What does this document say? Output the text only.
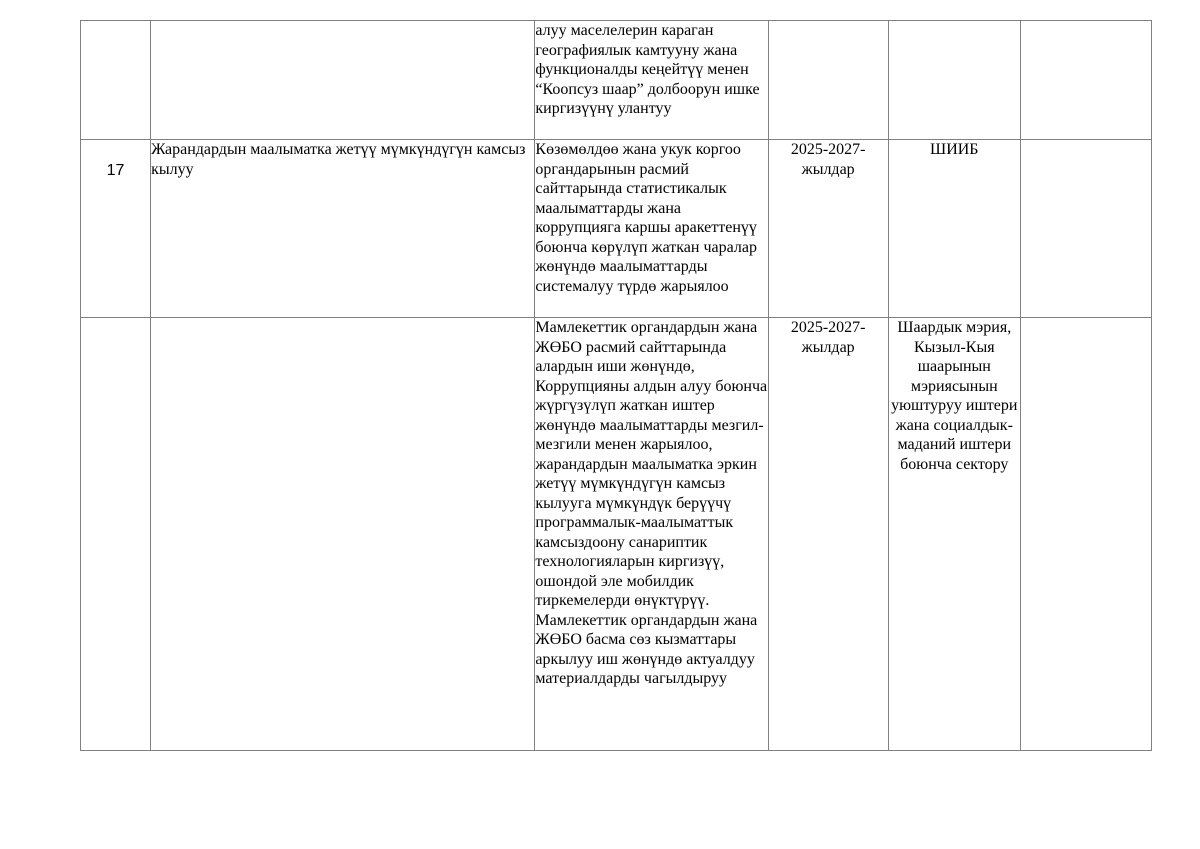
		алуу маселелерин караган географиялык камтууну жана функционалды кеңейтүү менен “Коопсуз шаар” долбоорун ишке киргизүүнү улантуу			

17	Жарандардын маалыматка жетүү мүмкүндүгүн камсыз кылуу	Көзөмөлдөө жана укук коргоо органдарынын расмий сайттарында статистикалык маалыматтарды жана коррупцияга каршы аракеттенүү боюнча көрүлүп жаткан чаралар жөнүндө маалыматтарды системалуу түрдө жарыялоо	2025-2027-жылдар	ШИИБ	

		Мамлекеттик органдардын жана ЖӨБО расмий сайттарында алардын иши жөнүндө, Коррупцияны алдын алуу боюнча жүргүзүлүп жаткан иштер жөнүндө маалыматтарды мезгил-мезгили менен жарыялоо, жарандардын маалыматка эркин жетүү мүмкүндүгүн камсыз кылууга мүмкүндүк берүүчү программалык-маалыматтык камсыздоону санариптик технологияларын киргизүү, ошондой эле мобилдик тиркемелерди өнүктүрүү.
Мамлекеттик органдардын жана ЖӨБО басма сөз кызматтары аркылуу иш жөнүндө актуалдуу материалдарды чагылдыруу	2025-2027-жылдар	Шаардык мэрия, Кызыл-Кыя шаарынын мэриясынын уюштуруу иштери жана социалдык-маданий иштери боюнча сектору	
